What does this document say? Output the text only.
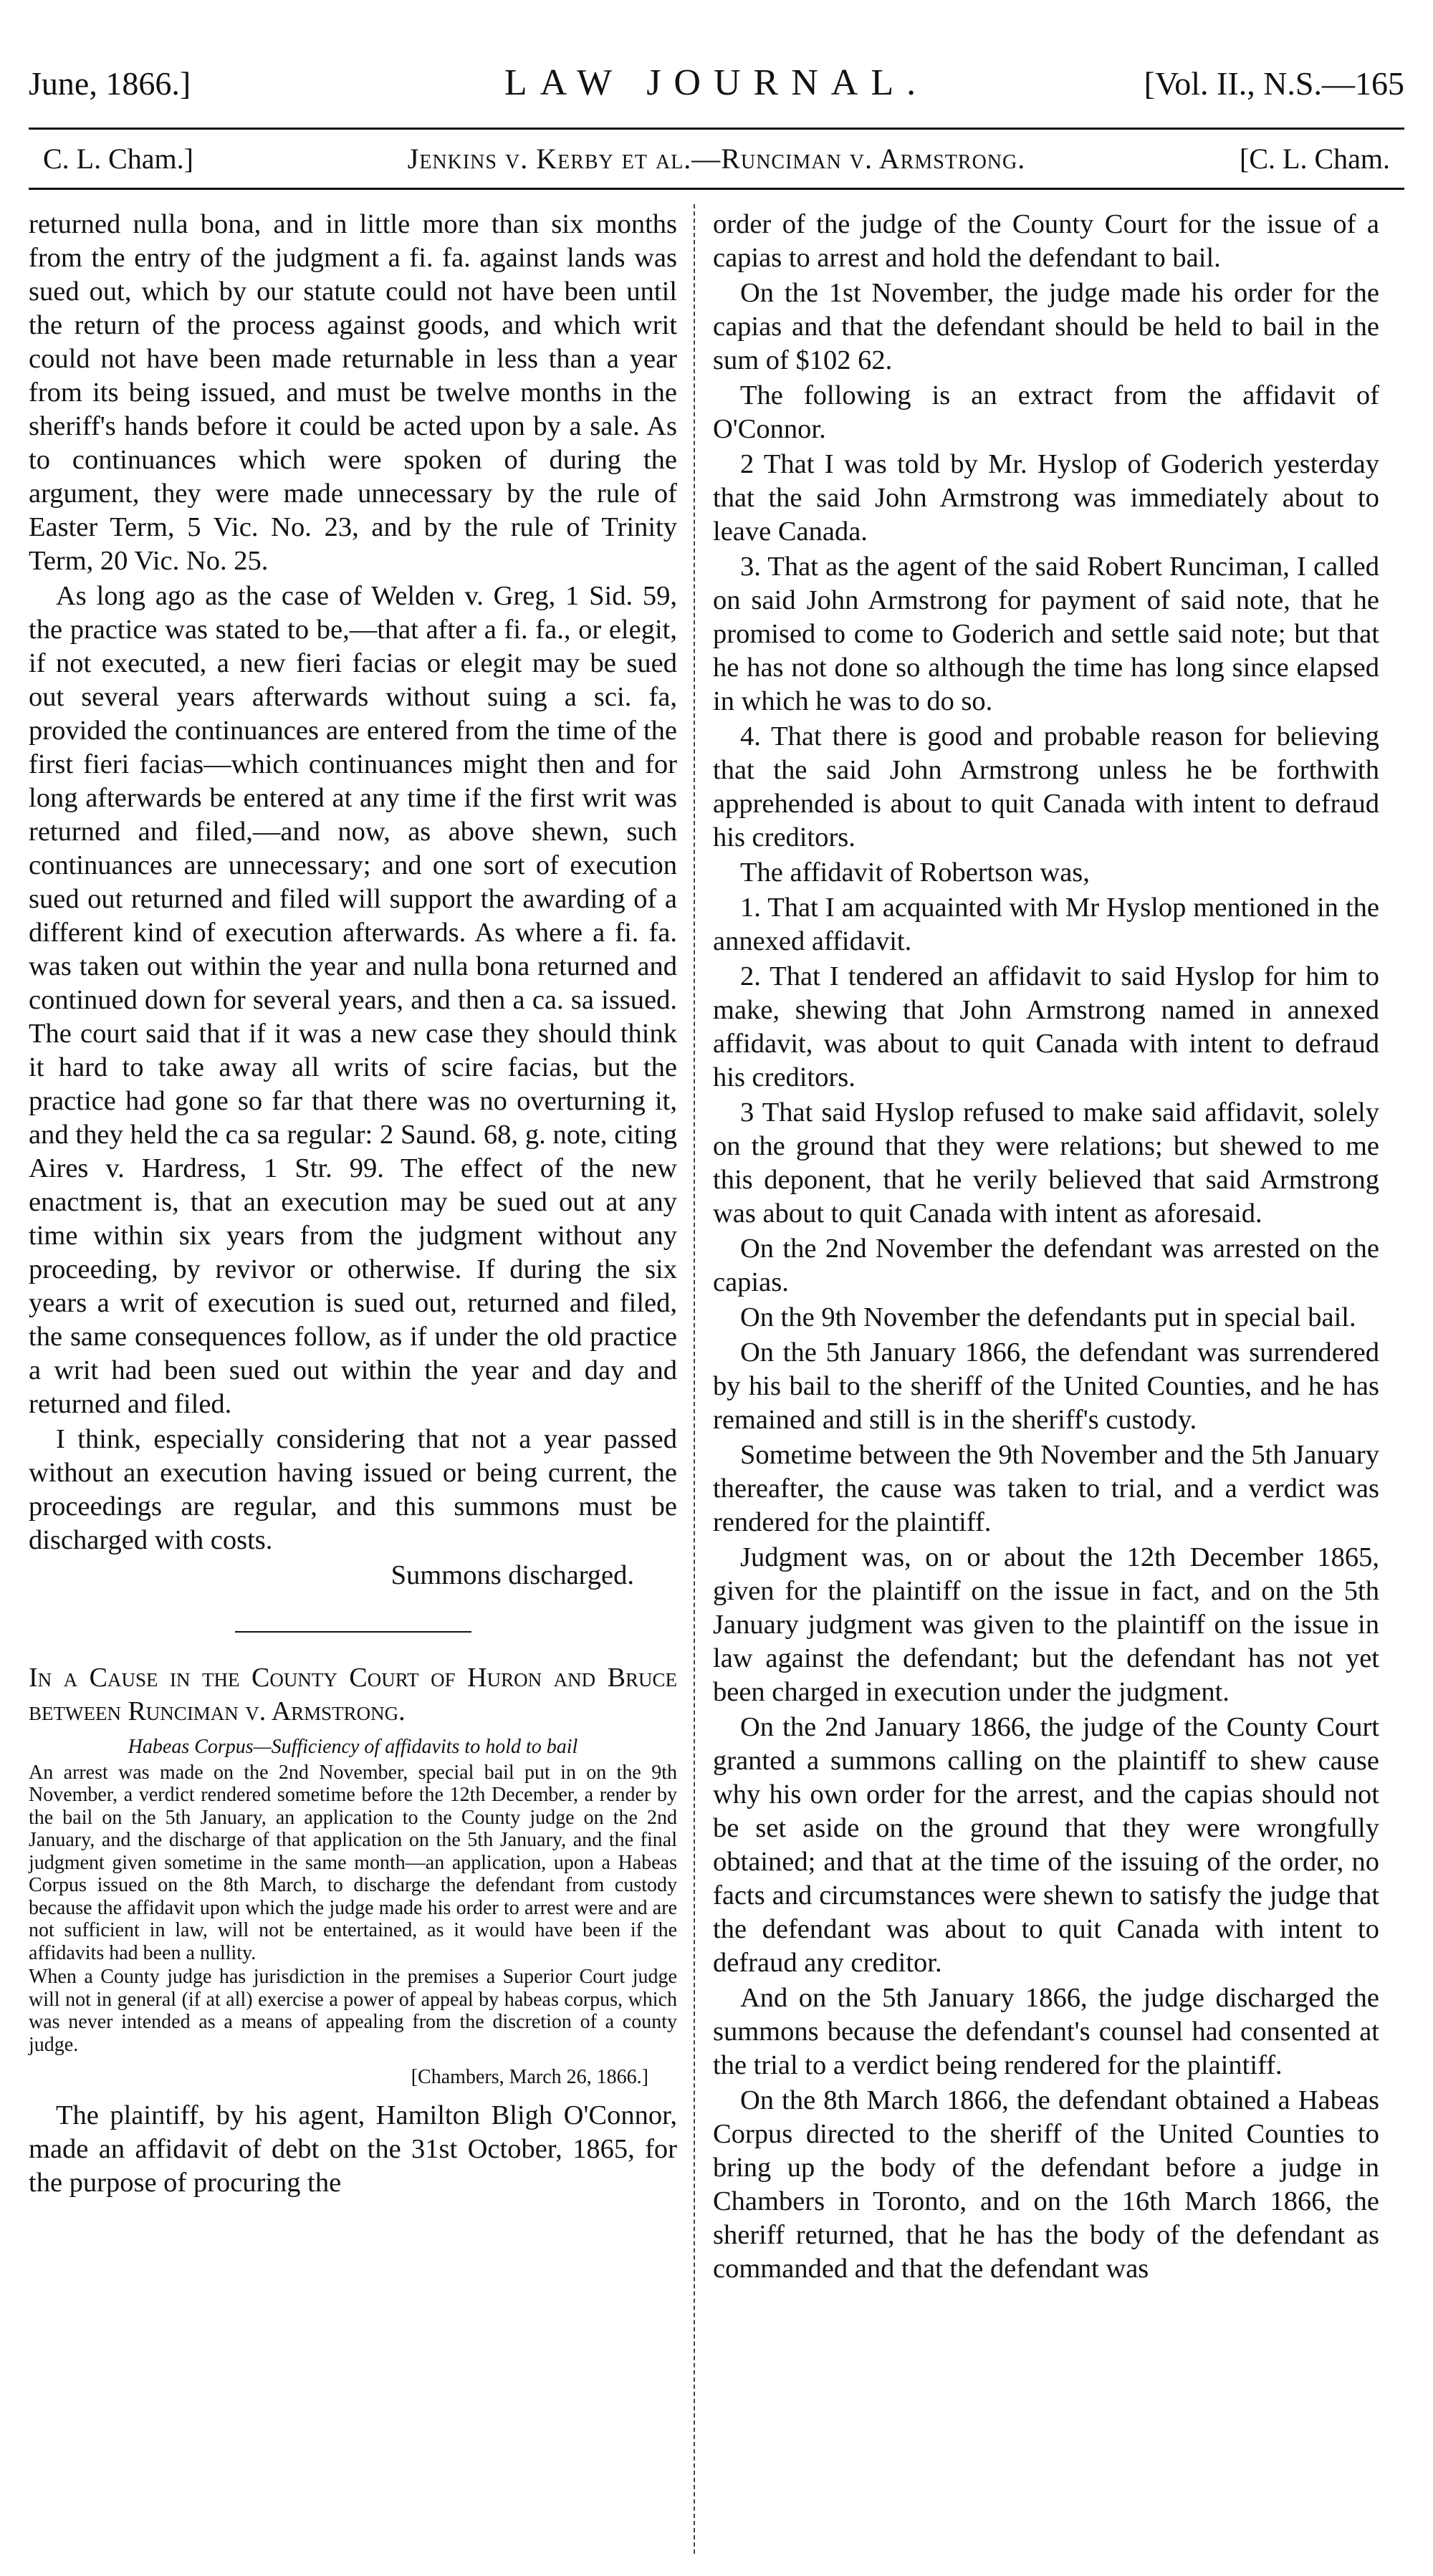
June, 1866.]	LAW JOURNAL.	[Vol. II., N.S.—165
C. L. Cham.]	Jenkins v. Kerby et al.—Runciman v. Armstrong.	[C. L. Cham.

returned nulla bona, and in little more than six months from the entry of the judgment a fi. fa. against lands was sued out, which by our statute could not have been until the return of the process against goods, and which writ could not have been made returnable in less than a year from its being issued, and must be twelve months in the sheriff's hands before it could be acted upon by a sale. As to continuances which were spoken of during the argument, they were made unnecessary by the rule of Easter Term, 5 Vic. No. 23, and by the rule of Trinity Term, 20 Vic. No. 25.

As long ago as the case of Welden v. Greg, 1 Sid. 59, the practice was stated to be,—that after a fi. fa., or elegit, if not executed, a new fieri facias or elegit may be sued out several years afterwards without suing a sci. fa, provided the continuances are entered from the time of the first fieri facias—which continuances might then and for long afterwards be entered at any time if the first writ was returned and filed,—and now, as above shewn, such continuances are unnecessary; and one sort of execution sued out returned and filed will support the awarding of a different kind of execution afterwards. As where a fi. fa. was taken out within the year and nulla bona returned and continued down for several years, and then a ca. sa issued. The court said that if it was a new case they should think it hard to take away all writs of scire facias, but the practice had gone so far that there was no overturning it, and they held the ca sa regular: 2 Saund. 68, g. note, citing Aires v. Hardress, 1 Str. 99. The effect of the new enactment is, that an execution may be sued out at any time within six years from the judgment without any proceeding, by revivor or otherwise. If during the six years a writ of execution is sued out, returned and filed, the same consequences follow, as if under the old practice a writ had been sued out within the year and day and returned and filed.

I think, especially considering that not a year passed without an execution having issued or being current, the proceedings are regular, and this summons must be discharged with costs.

Summons discharged.

In a Cause in the County Court of Huron and Bruce between Runciman v. Armstrong.

Habeas Corpus—Sufficiency of affidavits to hold to bail

An arrest was made on the 2nd November, special bail put in on the 9th November, a verdict rendered sometime before the 12th December, a render by the bail on the 5th January, an application to the County judge on the 2nd January, and the discharge of that application on the 5th January, and the final judgment given sometime in the same month—an application, upon a Habeas Corpus issued on the 8th March, to discharge the defendant from custody because the affidavit upon which the judge made his order to arrest were and are not sufficient in law, will not be entertained, as it would have been if the affidavits had been a nullity.

When a County judge has jurisdiction in the premises a Superior Court judge will not in general (if at all) exercise a power of appeal by habeas corpus, which was never intended as a means of appealing from the discretion of a county judge.

[Chambers, March 26, 1866.]

The plaintiff, by his agent, Hamilton Bligh O'Connor, made an affidavit of debt on the 31st October, 1865, for the purpose of procuring the

order of the judge of the County Court for the issue of a capias to arrest and hold the defendant to bail.

On the 1st November, the judge made his order for the capias and that the defendant should be held to bail in the sum of $102 62.

The following is an extract from the affidavit of O'Connor.

2 That I was told by Mr. Hyslop of Goderich yesterday that the said John Armstrong was immediately about to leave Canada.

3. That as the agent of the said Robert Runciman, I called on said John Armstrong for payment of said note, that he promised to come to Goderich and settle said note; but that he has not done so although the time has long since elapsed in which he was to do so.

4. That there is good and probable reason for believing that the said John Armstrong unless he be forthwith apprehended is about to quit Canada with intent to defraud his creditors.

The affidavit of Robertson was,

1. That I am acquainted with Mr Hyslop mentioned in the annexed affidavit.

2. That I tendered an affidavit to said Hyslop for him to make, shewing that John Armstrong named in annexed affidavit, was about to quit Canada with intent to defraud his creditors.

3 That said Hyslop refused to make said affidavit, solely on the ground that they were relations; but shewed to me this deponent, that he verily believed that said Armstrong was about to quit Canada with intent as aforesaid.

On the 2nd November the defendant was arrested on the capias.

On the 9th November the defendants put in special bail.

On the 5th January 1866, the defendant was surrendered by his bail to the sheriff of the United Counties, and he has remained and still is in the sheriff's custody.

Sometime between the 9th November and the 5th January thereafter, the cause was taken to trial, and a verdict was rendered for the plaintiff.

Judgment was, on or about the 12th December 1865, given for the plaintiff on the issue in fact, and on the 5th January judgment was given to the plaintiff on the issue in law against the defendant; but the defendant has not yet been charged in execution under the judgment.

On the 2nd January 1866, the judge of the County Court granted a summons calling on the plaintiff to shew cause why his own order for the arrest, and the capias should not be set aside on the ground that they were wrongfully obtained; and that at the time of the issuing of the order, no facts and circumstances were shewn to satisfy the judge that the defendant was about to quit Canada with intent to defraud any creditor.

And on the 5th January 1866, the judge discharged the summons because the defendant's counsel had consented at the trial to a verdict being rendered for the plaintiff.

On the 8th March 1866, the defendant obtained a Habeas Corpus directed to the sheriff of the United Counties to bring up the body of the defendant before a judge in Chambers in Toronto, and on the 16th March 1866, the sheriff returned, that he has the body of the defendant as commanded and that the defendant was
